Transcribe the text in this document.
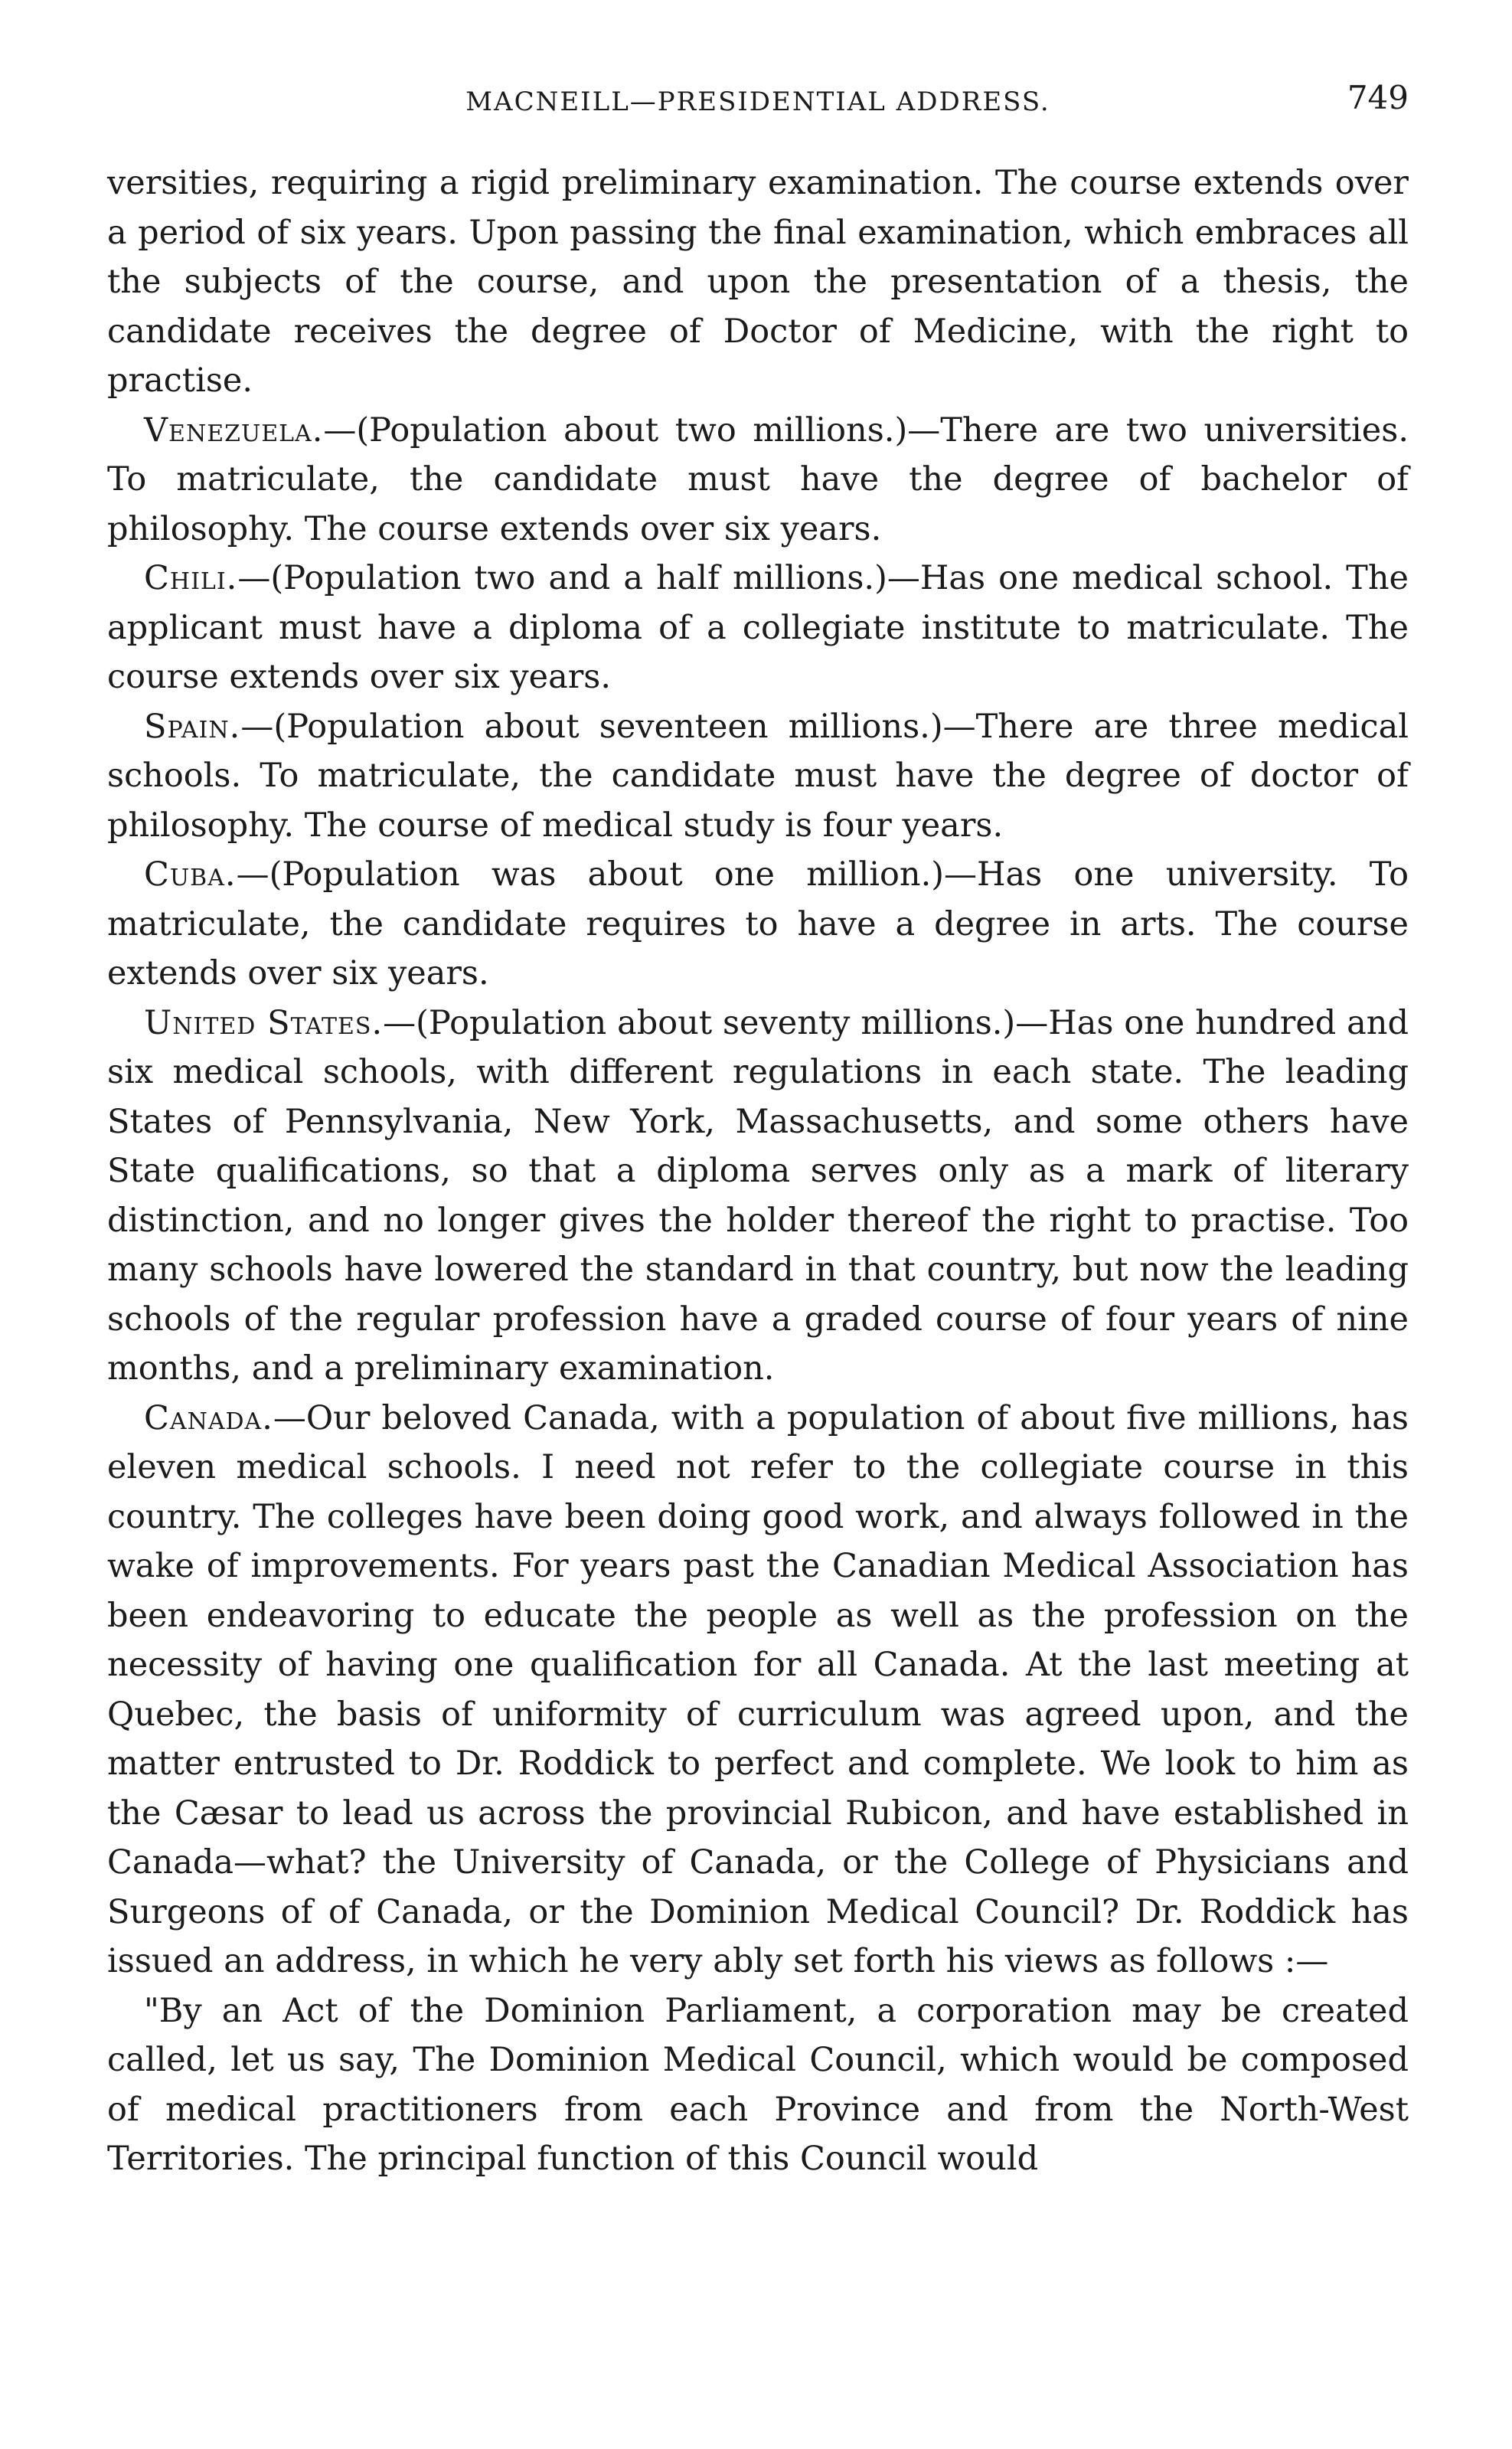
MACNEILL—PRESIDENTIAL ADDRESS.	749

versities, requiring a rigid preliminary examination. The course extends over a period of six years. Upon passing the final examination, which embraces all the subjects of the course, and upon the presentation of a thesis, the candidate receives the degree of Doctor of Medicine, with the right to practise.

Venezuela.—(Population about two millions.)—There are two universities. To matriculate, the candidate must have the degree of bachelor of philosophy. The course extends over six years.

Chili.—(Population two and a half millions.)—Has one medical school. The applicant must have a diploma of a collegiate institute to matriculate. The course extends over six years.

Spain.—(Population about seventeen millions.)—There are three medical schools. To matriculate, the candidate must have the degree of doctor of philosophy. The course of medical study is four years.

Cuba.—(Population was about one million.)—Has one university. To matriculate, the candidate requires to have a degree in arts. The course extends over six years.

United States.—(Population about seventy millions.)—Has one hundred and six medical schools, with different regulations in each state. The leading States of Pennsylvania, New York, Massachusetts, and some others have State qualifications, so that a diploma serves only as a mark of literary distinction, and no longer gives the holder thereof the right to practise. Too many schools have lowered the standard in that country, but now the leading schools of the regular profession have a graded course of four years of nine months, and a preliminary examination.

Canada.—Our beloved Canada, with a population of about five millions, has eleven medical schools. I need not refer to the collegiate course in this country. The colleges have been doing good work, and always followed in the wake of improvements. For years past the Canadian Medical Association has been endeavoring to educate the people as well as the profession on the necessity of having one qualification for all Canada. At the last meeting at Quebec, the basis of uniformity of curriculum was agreed upon, and the matter entrusted to Dr. Roddick to perfect and complete. We look to him as the Cæsar to lead us across the provincial Rubicon, and have established in Canada—what? the University of Canada, or the College of Physicians and Surgeons of of Canada, or the Dominion Medical Council? Dr. Roddick has issued an address, in which he very ably set forth his views as follows :—

"By an Act of the Dominion Parliament, a corporation may be created called, let us say, The Dominion Medical Council, which would be composed of medical practitioners from each Province and from the North-West Territories. The principal function of this Council would
